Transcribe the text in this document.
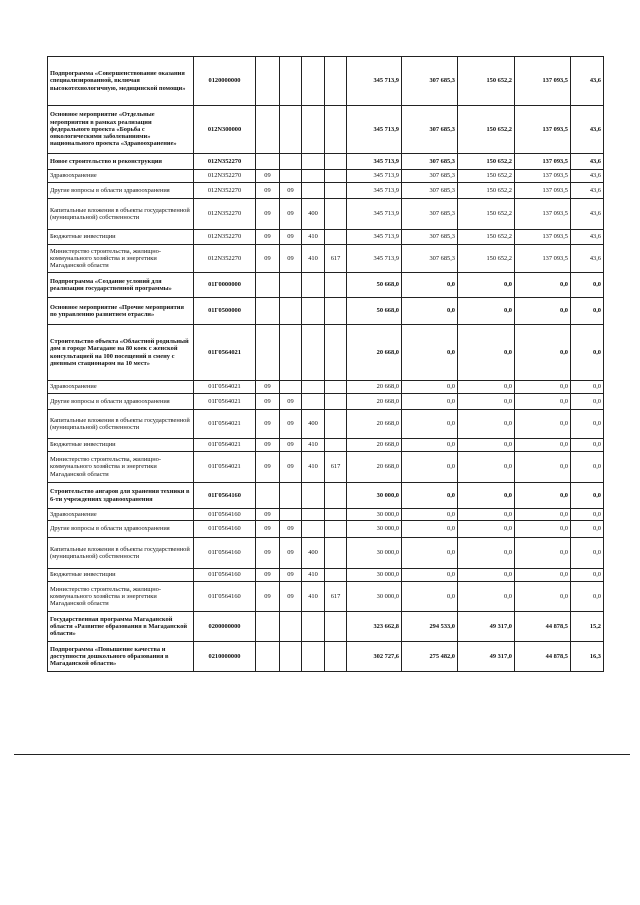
Подпрограмма «Совершенствование оказания специализированной, включая высокотехнологичную, медицинской помощи»	0120000000					345 713,9	307 685,3	150 652,2	137 093,5	43,6
Основное мероприятие «Отдельные мероприятия в рамках реализации федерального проекта «Борьба с онкологическими заболеваниями» национального проекта «Здравоохранение»	012N300000					345 713,9	307 685,3	150 652,2	137 093,5	43,6
Новое строительство и реконструкция	012N352270					345 713,9	307 685,3	150 652,2	137 093,5	43,6
Здравоохранение	012N352270	09				345 713,9	307 685,3	150 652,2	137 093,5	43,6
Другие вопросы в области здравоохранения	012N352270	09	09			345 713,9	307 685,3	150 652,2	137 093,5	43,6
Капитальные вложения в объекты государственной (муниципальной) собственности	012N352270	09	09	400		345 713,9	307 685,3	150 652,2	137 093,5	43,6
Бюджетные инвестиции	012N352270	09	09	410		345 713,9	307 685,3	150 652,2	137 093,5	43,6
Министерство строительства, жилищно-коммунального хозяйства и энергетики Магаданской области	012N352270	09	09	410	617	345 713,9	307 685,3	150 652,2	137 093,5	43,6
Подпрограмма «Создание условий для реализации государственной программы»	01Г0000000					50 668,0	0,0	0,0	0,0	0,0
Основное мероприятие «Прочие мероприятия по управлению развитием отрасли»	01Г0500000					50 668,0	0,0	0,0	0,0	0,0
Строительство объекта «Областной родильный дом в городе Магадане на 80 коек с женской консультацией на 100 посещений в смену с дневным стационаром на 10 мест»	01Г0564021					20 668,0	0,0	0,0	0,0	0,0
Здравоохранение	01Г0564021	09				20 668,0	0,0	0,0	0,0	0,0
Другие вопросы в области здравоохранения	01Г0564021	09	09			20 668,0	0,0	0,0	0,0	0,0
Капитальные вложения в объекты государственной (муниципальной) собственности	01Г0564021	09	09	400		20 668,0	0,0	0,0	0,0	0,0
Бюджетные инвестиции	01Г0564021	09	09	410		20 668,0	0,0	0,0	0,0	0,0
Министерство строительства, жилищно-коммунального хозяйства и энергетики Магаданской области	01Г0564021	09	09	410	617	20 668,0	0,0	0,0	0,0	0,0
Строительство ангаров для хранения техники в 6-ти учреждениях здравоохранения	01Г0564160					30 000,0	0,0	0,0	0,0	0,0
Здравоохранение	01Г0564160	09				30 000,0	0,0	0,0	0,0	0,0
Другие вопросы в области здравоохранения	01Г0564160	09	09			30 000,0	0,0	0,0	0,0	0,0
Капитальные вложения в объекты государственной (муниципальной) собственности	01Г0564160	09	09	400		30 000,0	0,0	0,0	0,0	0,0
Бюджетные инвестиции	01Г0564160	09	09	410		30 000,0	0,0	0,0	0,0	0,0
Министерство строительства, жилищно-коммунального хозяйства и энергетики Магаданской области	01Г0564160	09	09	410	617	30 000,0	0,0	0,0	0,0	0,0
Государственная программа Магаданской области «Развитие образования в Магаданской области»	0200000000					323 662,8	294 533,0	49 317,0	44 878,5	15,2
Подпрограмма «Повышение качества и доступности дошкольного образования в Магаданской области»	0210000000					302 727,6	275 482,0	49 317,0	44 878,5	16,3
